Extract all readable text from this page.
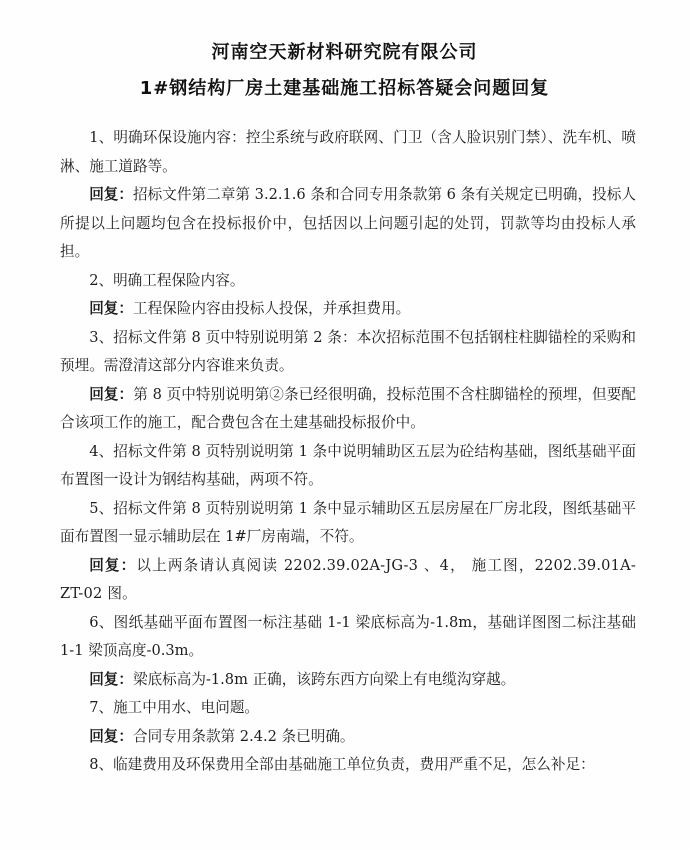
河南空天新材料研究院有限公司
1#钢结构厂房土建基础施工招标答疑会问题回复

1、明确环保设施内容：控尘系统与政府联网、门卫（含人脸识别门禁）、洗车机、喷淋、施工道路等。

回复：招标文件第二章第 3.2.1.6 条和合同专用条款第 6 条有关规定已明确，投标人所提以上问题均包含在投标报价中，包括因以上问题引起的处罚，罚款等均由投标人承担。

2、明确工程保险内容。

回复：工程保险内容由投标人投保，并承担费用。

3、招标文件第 8 页中特别说明第 2 条：本次招标范围不包括钢柱柱脚锚栓的采购和预埋。需澄清这部分内容谁来负责。

回复：第 8 页中特别说明第②条已经很明确，投标范围不含柱脚锚栓的预埋，但要配合该项工作的施工，配合费包含在土建基础投标报价中。

4、招标文件第 8 页特别说明第 1 条中说明辅助区五层为砼结构基础，图纸基础平面布置图一设计为钢结构基础，两项不符。

5、招标文件第 8 页特别说明第 1 条中显示辅助区五层房屋在厂房北段，图纸基础平面布置图一显示辅助层在 1#厂房南端，不符。

回复：以上两条请认真阅读 2202.39.02A-JG-3 、4， 施工图，2202.39.01A-ZT-02 图。

6、图纸基础平面布置图一标注基础 1-1 梁底标高为-1.8m，基础详图图二标注基础 1-1 梁顶高度-0.3m。

回复：梁底标高为-1.8m 正确，该跨东西方向梁上有电缆沟穿越。

7、施工中用水、电问题。

回复：合同专用条款第 2.4.2 条已明确。

8、临建费用及环保费用全部由基础施工单位负责，费用严重不足，怎么补足：
